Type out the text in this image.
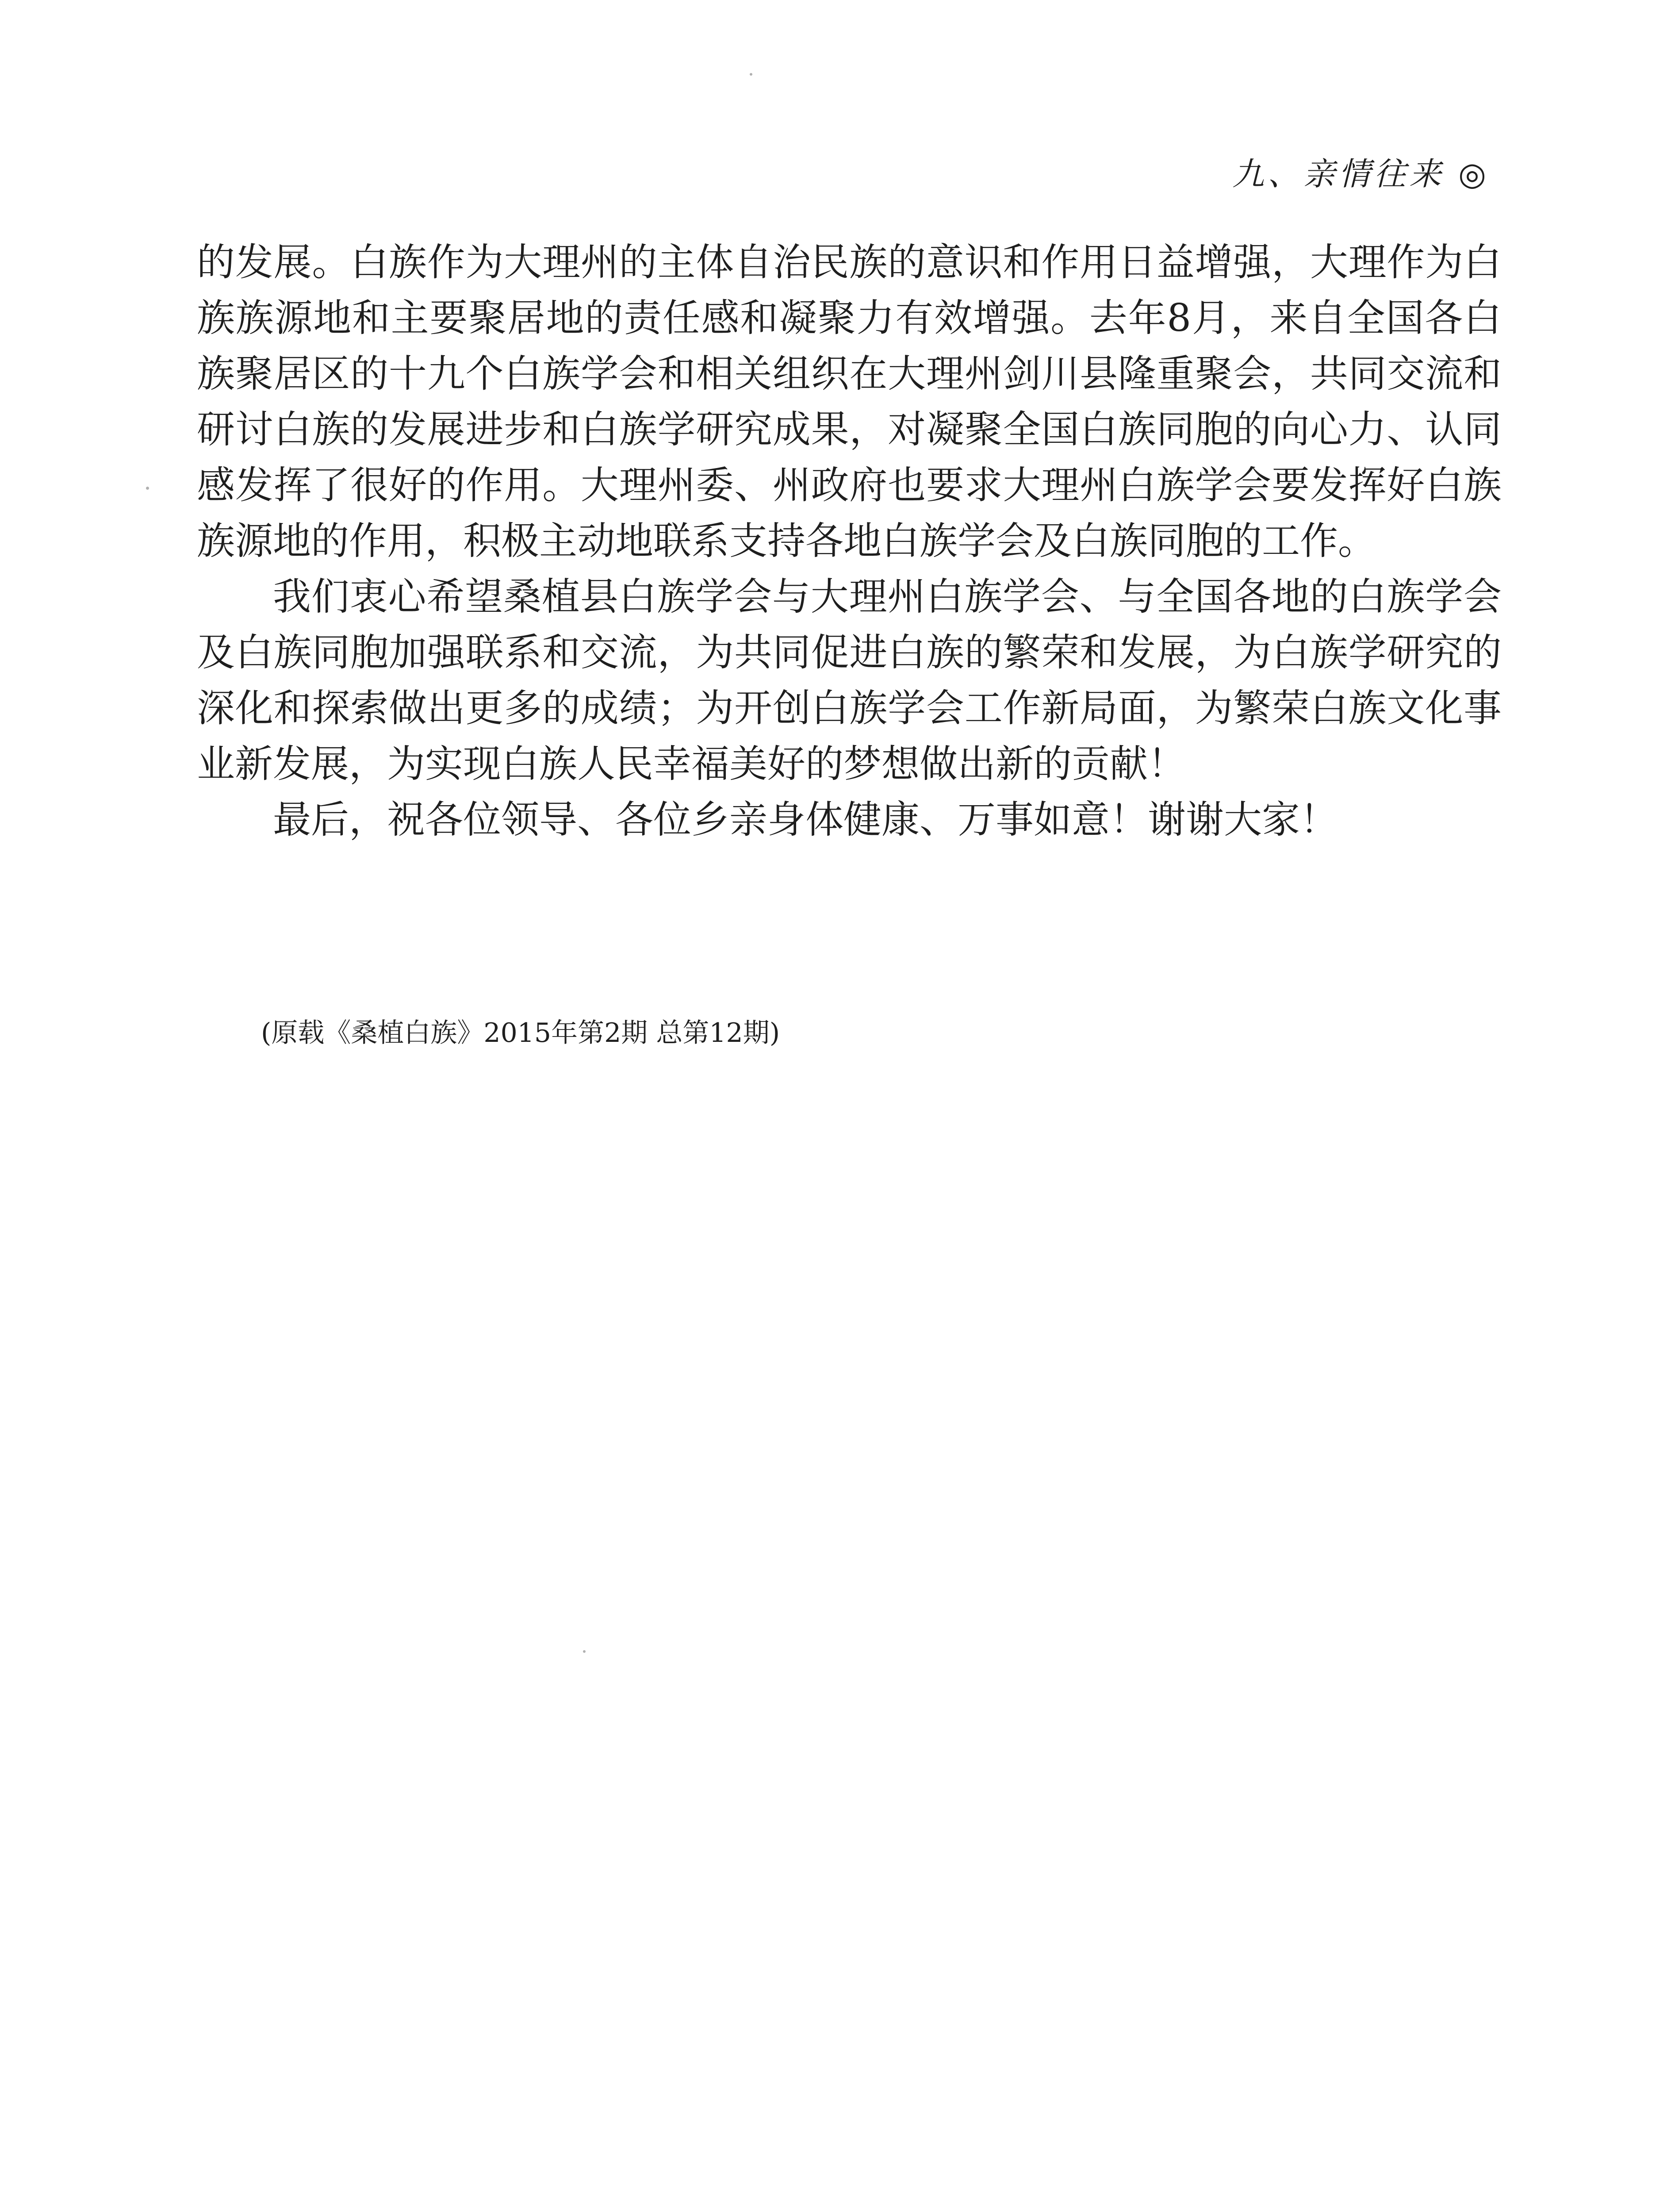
九、亲情往来 ◎

的发展。白族作为大理州的主体自治民族的意识和作用日益增强，大理作为白族族源地和主要聚居地的责任感和凝聚力有效增强。去年8月，来自全国各白族聚居区的十九个白族学会和相关组织在大理州剑川县隆重聚会，共同交流和研讨白族的发展进步和白族学研究成果，对凝聚全国白族同胞的向心力、认同感发挥了很好的作用。大理州委、州政府也要求大理州白族学会要发挥好白族族源地的作用，积极主动地联系支持各地白族学会及白族同胞的工作。

我们衷心希望桑植县白族学会与大理州白族学会、与全国各地的白族学会及白族同胞加强联系和交流，为共同促进白族的繁荣和发展，为白族学研究的深化和探索做出更多的成绩；为开创白族学会工作新局面，为繁荣白族文化事业新发展，为实现白族人民幸福美好的梦想做出新的贡献！

最后，祝各位领导、各位乡亲身体健康、万事如意！谢谢大家！

(原载《桑植白族》2015年第2期 总第12期)
